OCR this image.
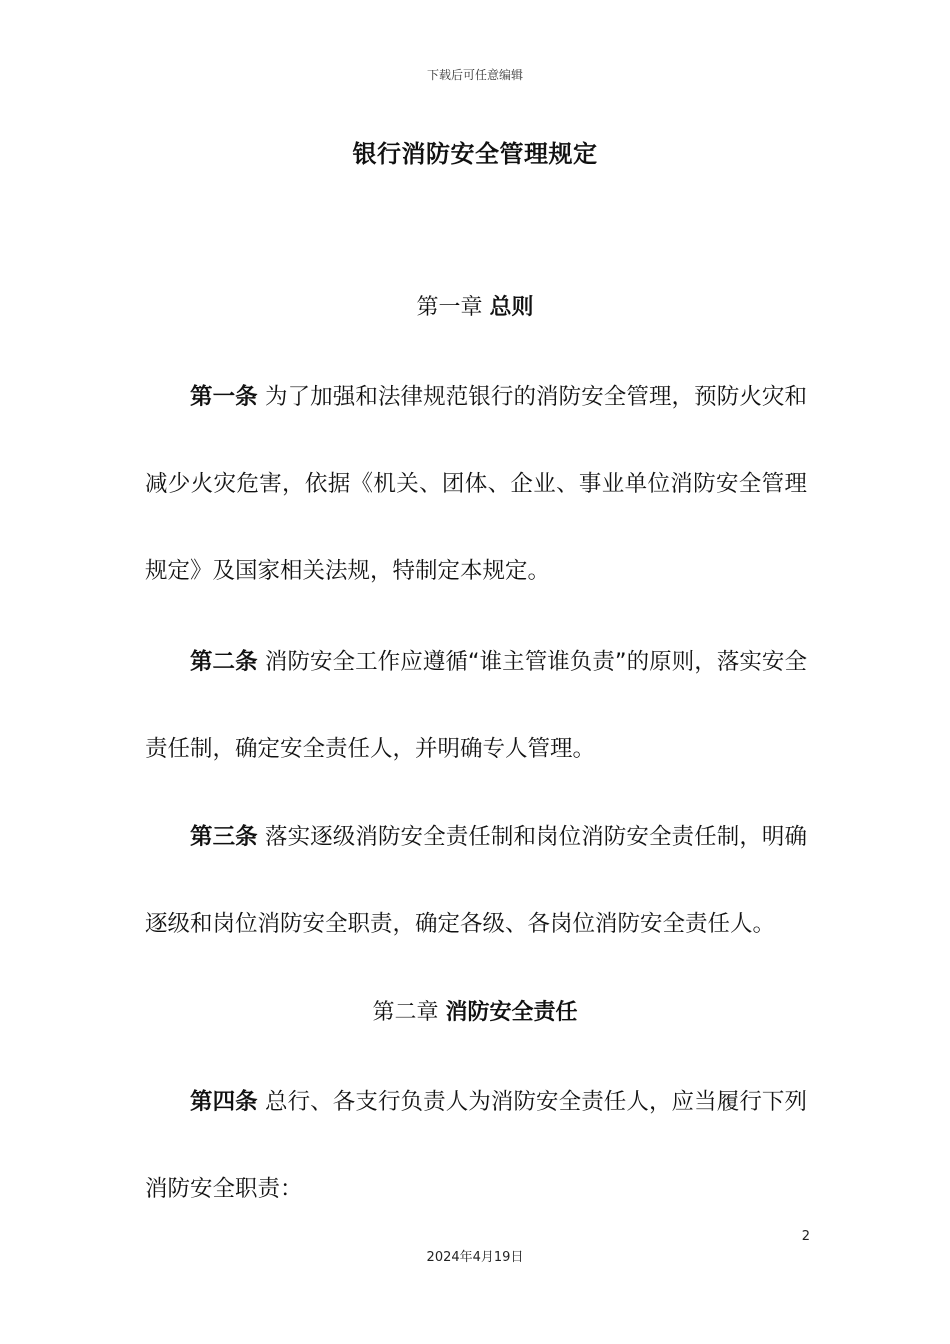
下载后可任意编辑
银行消防安全管理规定
第一章 总则

第一条 为了加强和法律规范银行的消防安全管理，预防火灾和减少火灾危害，依据《机关、团体、企业、事业单位消防安全管理规定》及国家相关法规，特制定本规定。

第二条 消防安全工作应遵循“谁主管谁负责”的原则，落实安全责任制，确定安全责任人，并明确专人管理。

第三条 落实逐级消防安全责任制和岗位消防安全责任制，明确逐级和岗位消防安全职责，确定各级、各岗位消防安全责任人。

第二章 消防安全责任

第四条 总行、各支行负责人为消防安全责任人，应当履行下列消防安全职责：

2
2024年4月19日
